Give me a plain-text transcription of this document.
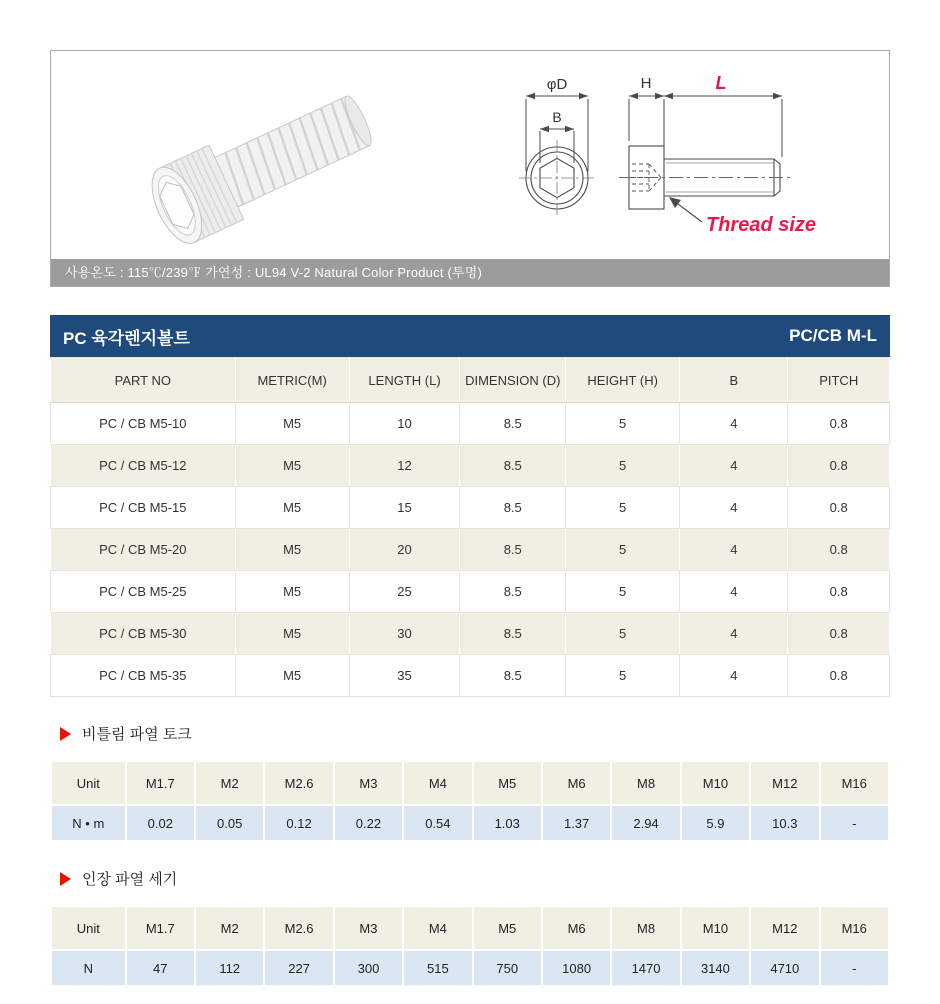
φD
B
H	L
Thread size
사용온도 : 115℃/239℉ 가연성 : UL94 V-2 Natural Color Product (투명)
PC 육각렌지볼트	PC/CB M-L
PART NO	METRIC(M)	LENGTH (L)	DIMENSION (D)	HEIGHT (H)	B	PITCH
PC / CB M5-10	M5	10	8.5	5	4	0.8
PC / CB M5-12	M5	12	8.5	5	4	0.8
PC / CB M5-15	M5	15	8.5	5	4	0.8
PC / CB M5-20	M5	20	8.5	5	4	0.8
PC / CB M5-25	M5	25	8.5	5	4	0.8
PC / CB M5-30	M5	30	8.5	5	4	0.8
PC / CB M5-35	M5	35	8.5	5	4	0.8
비틀림 파열 토크
Unit	M1.7	M2	M2.6	M3	M4	M5	M6	M8	M10	M12	M16
N • m	0.02	0.05	0.12	0.22	0.54	1.03	1.37	2.94	5.9	10.3	-
인장 파열 세기
Unit	M1.7	M2	M2.6	M3	M4	M5	M6	M8	M10	M12	M16
N	47	112	227	300	515	750	1080	1470	3140	4710	-
